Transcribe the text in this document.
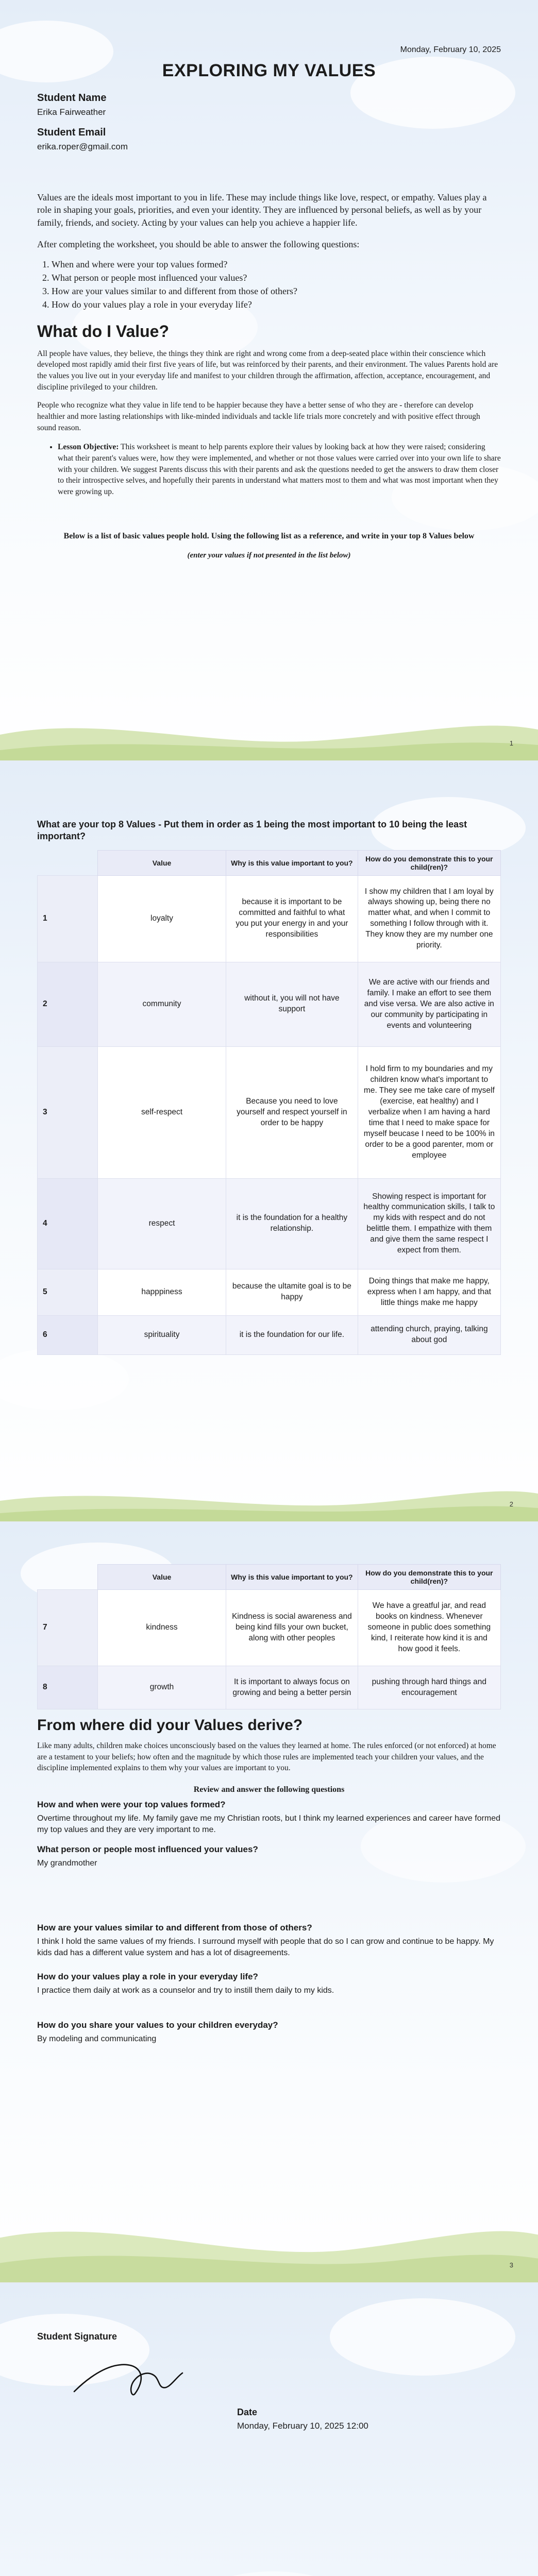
Monday, February 10, 2025
EXPLORING MY VALUES
Student Name
Erika Fairweather
Student Email
erika.roper@gmail.com

Values are the ideals most important to you in life. These may include things like love, respect, or empathy. Values play a role in shaping your goals, priorities, and even your identity. They are influenced by personal beliefs, as well as by your family, friends, and society. Acting by your values can help you achieve a happier life.

After completing the worksheet, you should be able to answer the following questions:

1. When and where were your top values formed?
2. What person or people most influenced your values?
3. How are your values similar to and different from those of others?
4. How do your values play a role in your everyday life?
What do I Value?

All people have values, they believe, the things they think are right and wrong come from a deep-seated place within their conscience which developed most rapidly amid their first five years of life, but was reinforced by their parents, and their environment. The values Parents hold are the values you live out in your everyday life and manifest to your children through the affirmation, affection, acceptance, encouragement, and discipline privileged to your children.

People who recognize what they value in life tend to be happier because they have a better sense of who they are - therefore can develop healthier and more lasting relationships with like-minded individuals and tackle life trials more concretely and with positive effect through sound reason.

• Lesson Objective: This worksheet is meant to help parents explore their values by looking back at how they were raised; considering what their parent's values were, how they were implemented, and whether or not those values were carried over into your own life to share with your children. We suggest Parents discuss this with their parents and ask the questions needed to get the answers to draw them closer to their introspective selves, and hopefully their parents in understand what matters most to them and what was most important when they were growing up.

Below is a list of basic values people hold. Using the following list as a reference, and write in your top 8 Values below

(enter your values if not presented in the list below)

1
What are your top 8 Values - Put them in order as 1 being the most important to 10 being the least important?
	Value	Why is this value important to you?	How do you demonstrate this to your child(ren)?
1	loyalty	because it is important to be committed and faithful to what you put your energy in and your responsibilities	I show my children that I am loyal by always showing up, being there no matter what, and when I commit to something I follow through with it. They know they are my number one priority.
2	community	without it, you will not have support	We are active with our friends and family. I make an effort to see them and vise versa. We are also active in our community by participating in events and volunteering
3	self-respect	Because you need to love yourself and respect yourself in order to be happy	I hold firm to my boundaries and my children know what's important to me. They see me take care of myself (exercise, eat healthy) and I verbalize when I am having a hard time that I need to make space for myself beucase I need to be 100% in order to be a good parenter, mom or employee
4	respect	it is the foundation for a healthy relationship.	Showing respect is important for healthy communication skills, I talk to my kids with respect and do not belittle them. I empathize with them and give them the same respect I expect from them.
5	happpiness	because the ultamite goal is to be happy	Doing things that make me happy, express when I am happy, and that little things make me happy
6	spirituality	it is the foundation for our life.	attending church, praying, talking about god
2
	Value	Why is this value important to you?	How do you demonstrate this to your child(ren)?
7	kindness	Kindness is social awareness and being kind fills your own bucket, along with other peoples	We have a greatful jar, and read books on kindness. Whenever someone in public does something kind, I reiterate how kind it is and how good it feels.
8	growth	It is important to always focus on growing and being a better persin	pushing through hard things and encouragement
From where did your Values derive?

Like many adults, children make choices unconsciously based on the values they learned at home. The rules enforced (or not enforced) at home are a testament to your beliefs; how often and the magnitude by which those rules are implemented teach your children your values, and the discipline implemented explains to them why your values are important to you.

Review and answer the following questions
How and when were your top values formed?
Overtime throughout my life. My family gave me my Christian roots, but I think my learned experiences and career have formed my top values and they are very important to me.
What person or people most influenced your values?
My grandmother
How are your values similar to and different from those of others?
I think I hold the same values of my friends. I surround myself with people that do so I can grow and continue to be happy. My kids dad has a different value system and has a lot of disagreements.
How do your values play a role in your everyday life?
I practice them daily at work as a counselor and try to instill them daily to my kids.
How do you share your values to your children everyday?
By modeling and communicating
3
Student Signature
Date
Monday, February 10, 2025 12:00
